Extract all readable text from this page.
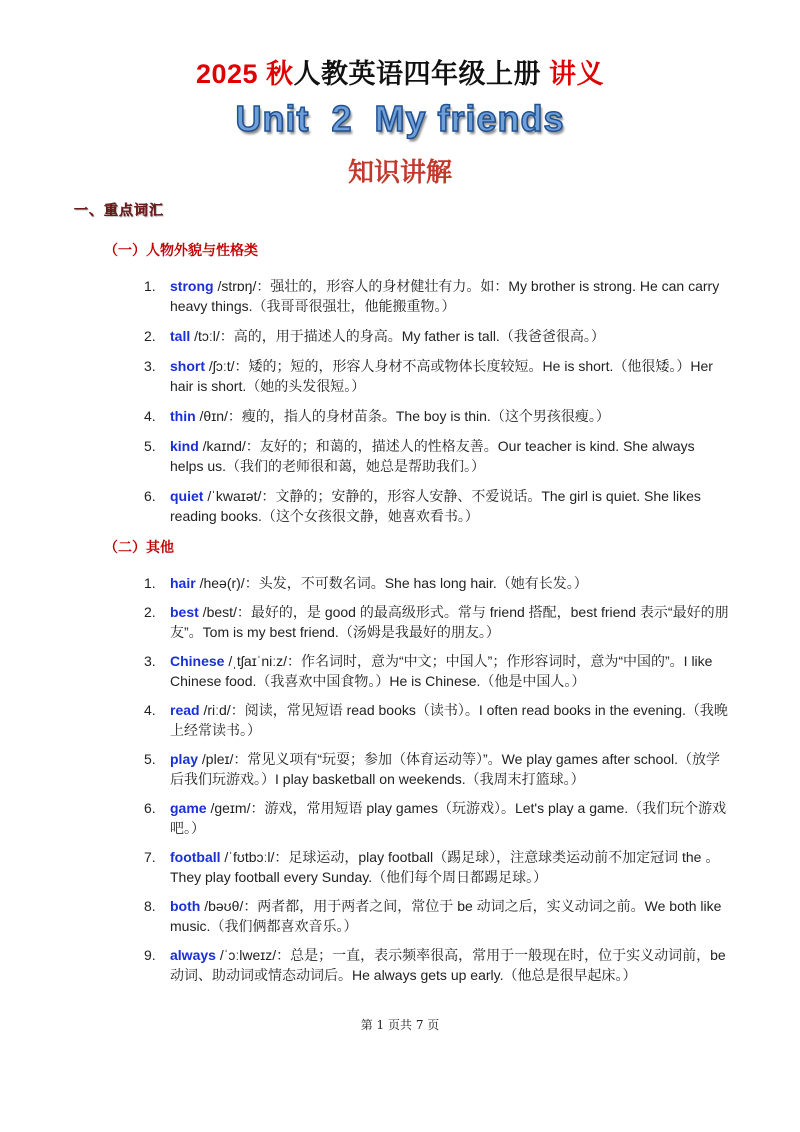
2025 秋人教英语四年级上册 讲义
Unit  2  My friends
知识讲解
一、重点词汇
（一）人物外貌与性格类
1.	strong /strɒŋ/：强壮的，形容人的身材健壮有力。如：My brother is strong. He can carry heavy things.（我哥哥很强壮，他能搬重物。）
2.	tall /tɔːl/：高的，用于描述人的身高。My father is tall.（我爸爸很高。）
3.	short /ʃɔːt/：矮的；短的，形容人身材不高或物体长度较短。He is short.（他很矮。）Her hair is short.（她的头发很短。）
4.	thin /θɪn/：瘦的，指人的身材苗条。The boy is thin.（这个男孩很瘦。）
5.	kind /kaɪnd/：友好的；和蔼的，描述人的性格友善。Our teacher is kind. She always helps us.（我们的老师很和蔼，她总是帮助我们。）
6.	quiet /ˈkwaɪət/：文静的；安静的，形容人安静、不爱说话。The girl is quiet. She likes reading books.（这个女孩很文静，她喜欢看书。）
（二）其他
1.	hair /heə(r)/：头发，不可数名词。She has long hair.（她有长发。）
2.	best /best/：最好的，是 good 的最高级形式。常与 friend 搭配，best friend 表示“最好的朋友”。Tom is my best friend.（汤姆是我最好的朋友。）
3.	Chinese /ˌtʃaɪˈniːz/：作名词时，意为“中文；中国人”；作形容词时，意为“中国的”。I like Chinese food.（我喜欢中国食物。）He is Chinese.（他是中国人。）
4.	read /riːd/：阅读，常见短语 read books（读书）。I often read books in the evening.（我晚上经常读书。）
5.	play /pleɪ/：常见义项有“玩耍；参加（体育运动等）”。We play games after school.（放学后我们玩游戏。）I play basketball on weekends.（我周末打篮球。）
6.	game /ɡeɪm/：游戏，常用短语 play games（玩游戏）。Let's play a game.（我们玩个游戏吧。）
7.	football /ˈfʊtbɔːl/：足球运动，play football（踢足球），注意球类运动前不加定冠词 the 。They play football every Sunday.（他们每个周日都踢足球。）
8.	both /bəʊθ/：两者都，用于两者之间，常位于 be 动词之后，实义动词之前。We both like music.（我们俩都喜欢音乐。）
9.	always /ˈɔːlweɪz/：总是；一直，表示频率很高，常用于一般现在时，位于实义动词前，be 动词、助动词或情态动词后。He always gets up early.（他总是很早起床。）
第 1 页共 7 页
